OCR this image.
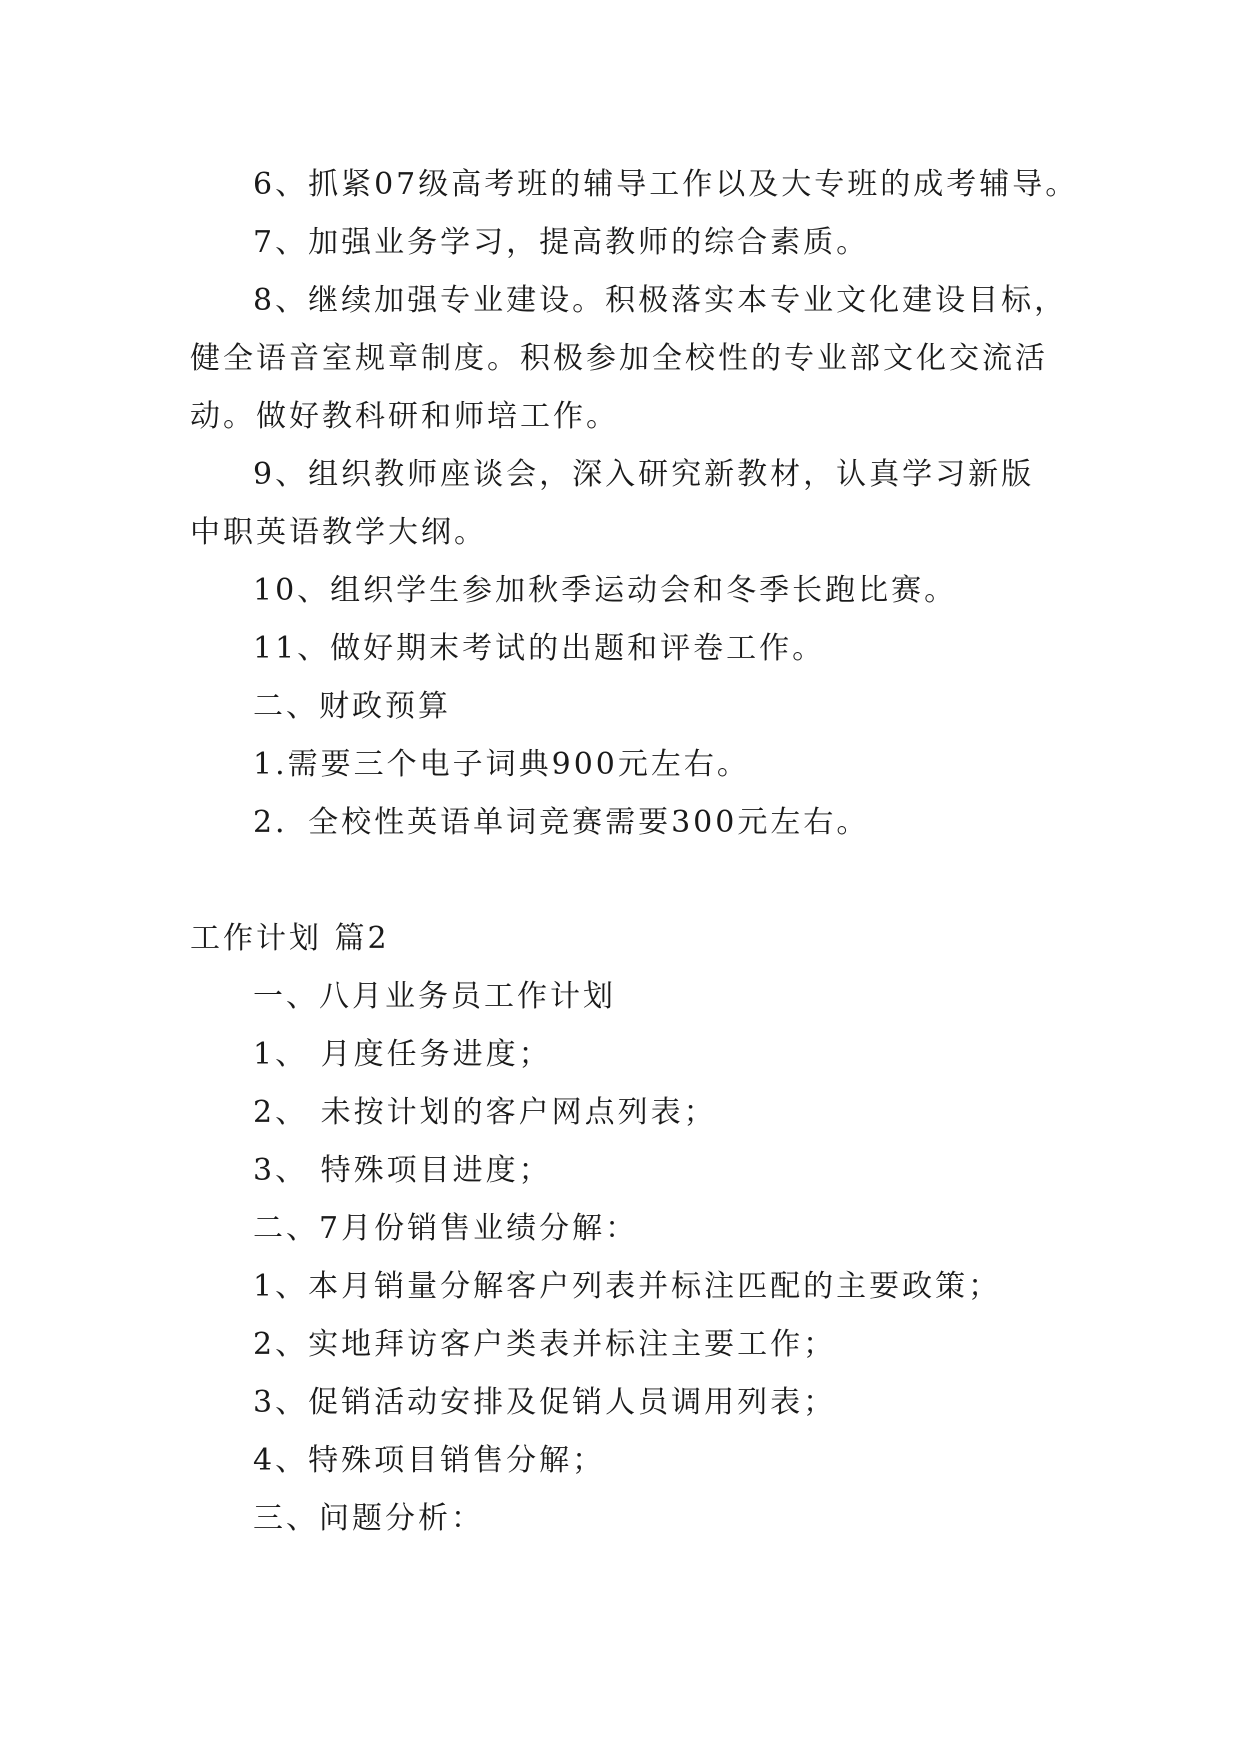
6、抓紧07级高考班的辅导工作以及大专班的成考辅导。
7、加强业务学习，提高教师的综合素质。
8、继续加强专业建设。积极落实本专业文化建设目标，
健全语音室规章制度。积极参加全校性的专业部文化交流活
动。做好教科研和师培工作。
9、组织教师座谈会，深入研究新教材，认真学习新版
中职英语教学大纲。
10、组织学生参加秋季运动会和冬季长跑比赛。
11、做好期末考试的出题和评卷工作。
二、财政预算
1.需要三个电子词典900元左右。
2．全校性英语单词竞赛需要300元左右。
工作计划 篇2
一、八月业务员工作计划
1、 月度任务进度；
2、 未按计划的客户网点列表；
3、 特殊项目进度；
二、7月份销售业绩分解：
1、本月销量分解客户列表并标注匹配的主要政策；
2、实地拜访客户类表并标注主要工作；
3、促销活动安排及促销人员调用列表；
4、特殊项目销售分解；
三、问题分析：
